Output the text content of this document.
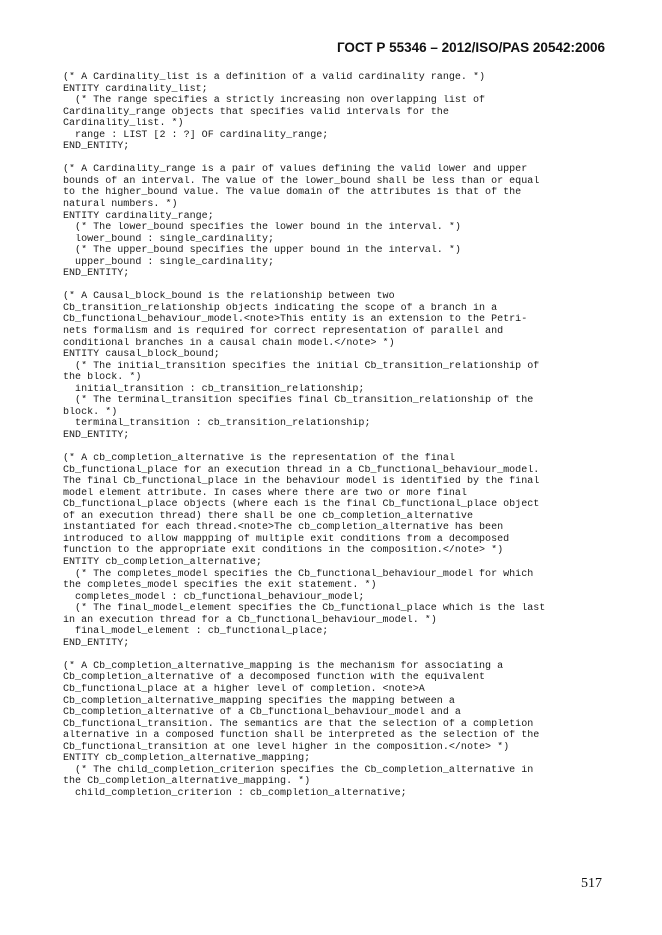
ГОСТ Р 55346 – 2012/ISO/PAS 20542:2006
(* A Cardinality_list is a definition of a valid cardinality range. *)
ENTITY cardinality_list;
(* The range specifies a strictly increasing non overlapping list of
Cardinality_range objects that specifies valid intervals for the
Cardinality_list. *)
range : LIST [2 : ?] OF cardinality_range;
END_ENTITY;
(* A Cardinality_range is a pair of values defining the valid lower and upper
bounds of an interval. The value of the lower_bound shall be less than or equal
to the higher_bound value. The value domain of the attributes is that of the
natural numbers. *)
ENTITY cardinality_range;
(* The lower_bound specifies the lower bound in the interval. *)
lower_bound : single_cardinality;
(* The upper_bound specifies the upper bound in the interval. *)
upper_bound : single_cardinality;
END_ENTITY;
(* A Causal_block_bound is the relationship between two
Cb_transition_relationship objects indicating the scope of a branch in a
Cb_functional_behaviour_model.<note>This entity is an extension to the Petri-
nets formalism and is required for correct representation of parallel and
conditional branches in a causal chain model.</note> *)
ENTITY causal_block_bound;
(* The initial_transition specifies the initial Cb_transition_relationship of
the block. *)
initial_transition : cb_transition_relationship;
(* The terminal_transition specifies final Cb_transition_relationship of the
block. *)
terminal_transition : cb_transition_relationship;
END_ENTITY;
(* A cb_completion_alternative is the representation of the final
Cb_functional_place for an execution thread in a Cb_functional_behaviour_model.
The final Cb_functional_place in the behaviour model is identified by the final
model element attribute. In cases where there are two or more final
Cb_functional_place objects (where each is the final Cb_functional_place object
of an execution thread) there shall be one cb_completion_alternative
instantiated for each thread.<note>The cb_completion_alternative has been
introduced to allow mappping of multiple exit conditions from a decomposed
function to the appropriate exit conditions in the composition.</note> *)
ENTITY cb_completion_alternative;
(* The completes_model specifies the Cb_functional_behaviour_model for which
the completes_model specifies the exit statement. *)
completes_model : cb_functional_behaviour_model;
(* The final_model_element specifies the Cb_functional_place which is the last
in an execution thread for a Cb_functional_behaviour_model. *)
final_model_element : cb_functional_place;
END_ENTITY;
(* A Cb_completion_alternative_mapping is the mechanism for associating a
Cb_completion_alternative of a decomposed function with the equivalent
Cb_functional_place at a higher level of completion. <note>A
Cb_completion_alternative_mapping specifies the mapping between a
Cb_completion_alternative of a Cb_functional_behaviour_model and a
Cb_functional_transition. The semantics are that the selection of a completion
alternative in a composed function shall be interpreted as the selection of the
Cb_functional_transition at one level higher in the composition.</note> *)
ENTITY cb_completion_alternative_mapping;
(* The child_completion_criterion specifies the Cb_completion_alternative in
the Cb_completion_alternative_mapping. *)
child_completion_criterion : cb_completion_alternative;
517
